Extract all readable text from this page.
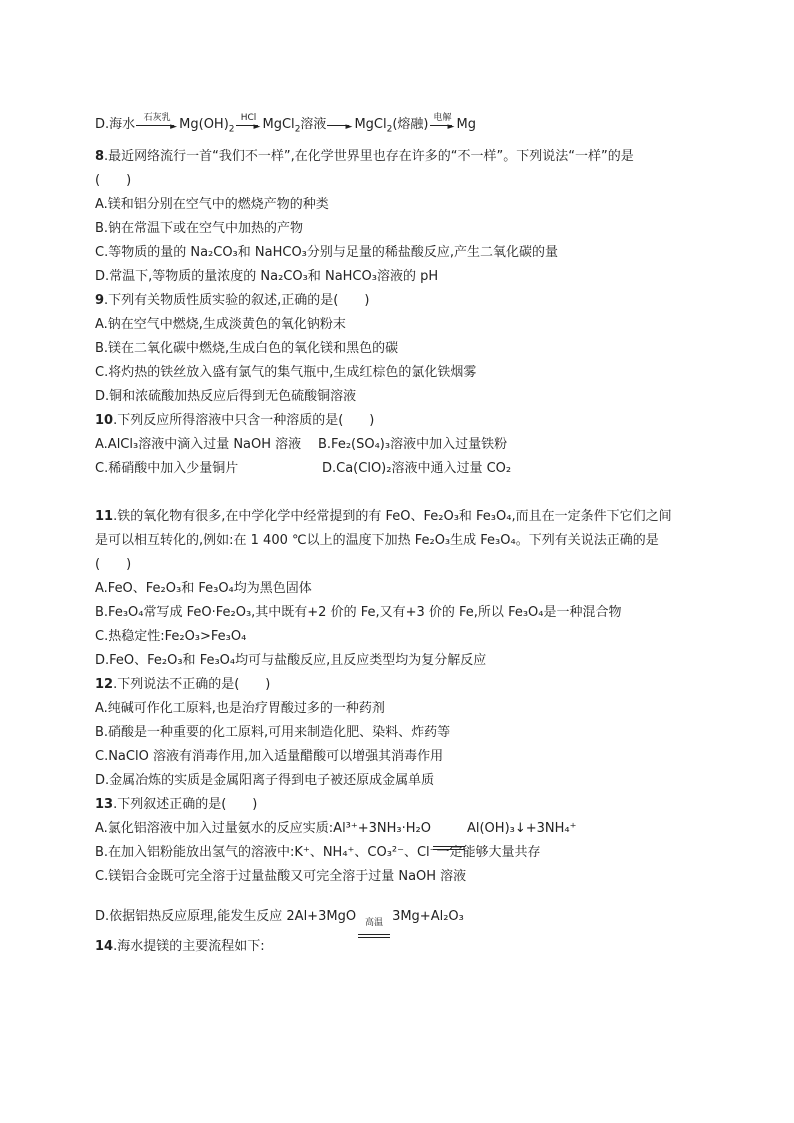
D.海水 石灰乳
► $Mg(OH)_2$
HCl
► MgCl$_2$溶液 ► MgCl$_2$(熔融) 电解
► Mg
8.最近网络流行一首“我们不一样”,在化学世界里也存在许多的“不一样”。下列说法“一样”的是
(　　)
A.镁和铝分别在空气中的燃烧产物的种类
B.钠在常温下或在空气中加热的产物
C.等物质的量的 Na₂CO₃和 NaHCO₃分别与足量的稀盐酸反应,产生二氧化碳的量
D.常温下,等物质的量浓度的 Na₂CO₃和 NaHCO₃溶液的 pH
9.下列有关物质性质实验的叙述,正确的是(　　)
A.钠在空气中燃烧,生成淡黄色的氧化钠粉末
B.镁在二氧化碳中燃烧,生成白色的氧化镁和黑色的碳
C.将灼热的铁丝放入盛有氯气的集气瓶中,生成红棕色的氯化铁烟雾
D.铜和浓硫酸加热反应后得到无色硫酸铜溶液
10.下列反应所得溶液中只含一种溶质的是(　　)
A.AlCl₃溶液中滴入过量 NaOH 溶液 B.Fe₂(SO₄)₃溶液中加入过量铁粉
C.稀硝酸中加入少量铜片	D.Ca(ClO)₂溶液中通入过量 CO₂
11.铁的氧化物有很多,在中学化学中经常提到的有 FeO、Fe₂O₃和 Fe₃O₄,而且在一定条件下它们之间
是可以相互转化的,例如:在 1 400 ℃以上的温度下加热 Fe₂O₃生成 Fe₃O₄。下列有关说法正确的是
(　　)
A.FeO、Fe₂O₃和 Fe₃O₄均为黑色固体
B.Fe₃O₄常写成 FeO·Fe₂O₃,其中既有+2 价的 Fe,又有+3 价的 Fe,所以 Fe₃O₄是一种混合物
C.热稳定性:Fe₂O₃>Fe₃O₄
D.FeO、Fe₂O₃和 Fe₃O₄均可与盐酸反应,且反应类型均为复分解反应
12.下列说法不正确的是(　　)
A.纯碱可作化工原料,也是治疗胃酸过多的一种药剂
B.硝酸是一种重要的化工原料,可用来制造化肥、染料、炸药等
C.NaClO 溶液有消毒作用,加入适量醋酸可以增强其消毒作用
D.金属冶炼的实质是金属阳离子得到电子被还原成金属单质
13.下列叙述正确的是(　　)
A.氯化铝溶液中加入过量氨水的反应实质:Al³⁺+3NH₃·H₂O	Al(OH)₃↓+3NH₄⁺
B.在加入铝粉能放出氢气的溶液中:K⁺、NH₄⁺、CO₃²⁻、Cl⁻一定能够大量共存
C.镁铝合金既可完全溶于过量盐酸又可完全溶于过量 NaOH 溶液
D.依据铝热反应原理,能发生反应 2Al+3MgO 高温 3Mg+Al₂O₃
14.海水提镁的主要流程如下:
